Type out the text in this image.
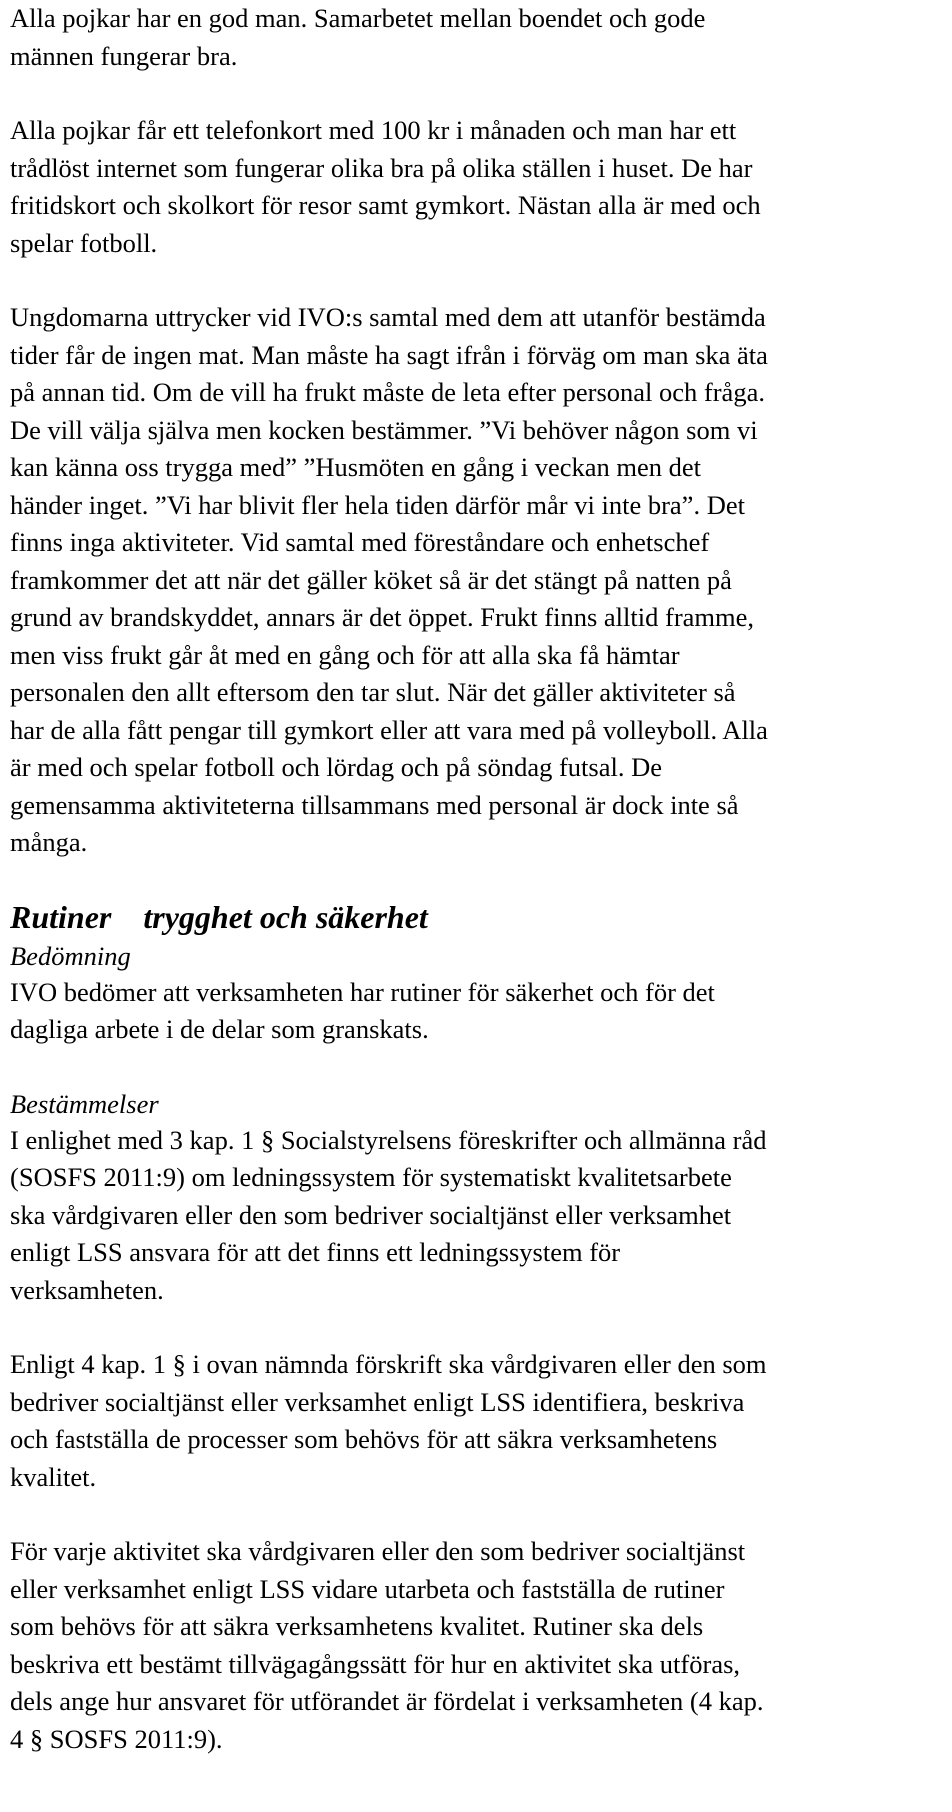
Alla pojkar har en god man. Samarbetet mellan boendet och gode
männen fungerar bra.
Alla pojkar får ett telefonkort med 100 kr i månaden och man har ett
trådlöst internet som fungerar olika bra på olika ställen i huset. De har
fritidskort och skolkort för resor samt gymkort. Nästan alla är med och
spelar fotboll.
Ungdomarna uttrycker vid IVO:s samtal med dem att utanför bestämda
tider får de ingen mat. Man måste ha sagt ifrån i förväg om man ska äta
på annan tid. Om de vill ha frukt måste de leta efter personal och fråga.
De vill välja själva men kocken bestämmer. ”Vi behöver någon som vi
kan känna oss trygga med” ”Husmöten en gång i veckan men det
händer inget. ”Vi har blivit fler hela tiden därför mår vi inte bra”. Det
finns inga aktiviteter. Vid samtal med föreståndare och enhetschef
framkommer det att när det gäller köket så är det stängt på natten på
grund av brandskyddet, annars är det öppet. Frukt finns alltid framme,
men viss frukt går åt med en gång och för att alla ska få hämtar
personalen den allt eftersom den tar slut. När det gäller aktiviteter så
har de alla fått pengar till gymkort eller att vara med på volleyboll. Alla
är med och spelar fotboll och lördag och på söndag futsal. De
gemensamma aktiviteterna tillsammans med personal är dock inte så
många.
Rutiner    trygghet och säkerhet
Bedömning
IVO bedömer att verksamheten har rutiner för säkerhet och för det
dagliga arbete i de delar som granskats.
Bestämmelser
I enlighet med 3 kap. 1 § Socialstyrelsens föreskrifter och allmänna råd
(SOSFS 2011:9) om ledningssystem för systematiskt kvalitetsarbete
ska vårdgivaren eller den som bedriver socialtjänst eller verksamhet
enligt LSS ansvara för att det finns ett ledningssystem för
verksamheten.
Enligt 4 kap. 1 § i ovan nämnda förskrift ska vårdgivaren eller den som
bedriver socialtjänst eller verksamhet enligt LSS identifiera, beskriva
och fastställa de processer som behövs för att säkra verksamhetens
kvalitet.
För varje aktivitet ska vårdgivaren eller den som bedriver socialtjänst
eller verksamhet enligt LSS vidare utarbeta och fastställa de rutiner
som behövs för att säkra verksamhetens kvalitet. Rutiner ska dels
beskriva ett bestämt tillvägagångssätt för hur en aktivitet ska utföras,
dels ange hur ansvaret för utförandet är fördelat i verksamheten (4 kap.
4 § SOSFS 2011:9).
